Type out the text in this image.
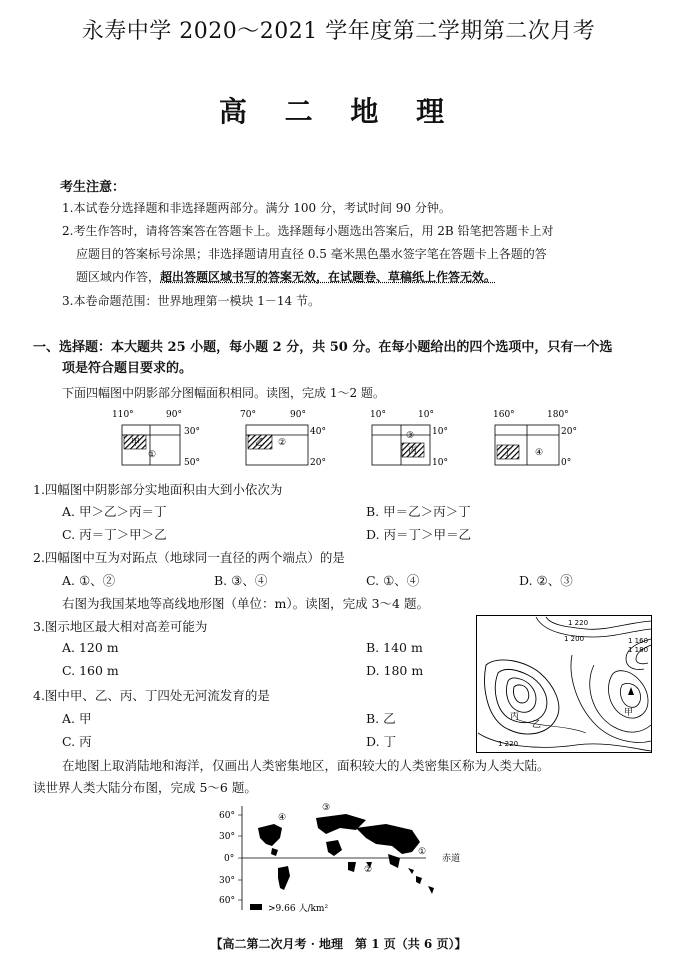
永寿中学 2020～2021 学年度第二学期第二次月考
高 二 地 理
考生注意：
1.本试卷分选择题和非选择题两部分。满分 100 分，考试时间 90 分钟。
2.考生作答时，请将答案答在答题卡上。选择题每小题选出答案后，用 2B 铅笔把答题卡上对
应题目的答案标号涂黑；非选择题请用直径 0.5 毫米黑色墨水签字笔在答题卡上各题的答
题区域内作答，超出答题区域书写的答案无效，在试题卷、草稿纸上作答无效。
3.本卷命题范围：世界地理第一模块 1－14 节。
一、选择题：本大题共 25 小题，每小题 2 分，共 50 分。在每小题给出的四个选项中，只有一个选
项是符合题目要求的。
下面四幅图中阴影部分图幅面积相同。读图，完成 1～2 题。
110°	90°
甲
①
30°
50°
70°	90°
乙 ②
40°
20°
10°	10°
③
丙
10°
10°
160°	180°
丁	④
20°
0°
1.四幅图中阴影部分实地面积由大到小依次为
A. 甲＞乙＞丙＝丁	B. 甲＝乙＞丙＞丁
C. 丙＝丁＞甲＞乙	D. 丙＝丁＞甲＝乙
2.四幅图中互为对跖点（地球同一直径的两个端点）的是
A. ①、②	B. ③、④	C. ①、④	D. ②、③
右图为我国某地等高线地形图（单位：m）。读图，完成 3～4 题。
3.图示地区最大相对高差可能为
A. 120 m	B. 140 m
C. 160 m	D. 180 m
4.图中甲、乙、丙、丁四处无河流发育的是
A. 甲	B. 乙
C. 丙	D. 丁
1 220
1 200	1 160
1 180
1 220
甲
丙
乙
在地图上取消陆地和海洋，仅画出人类密集地区，面积较大的人类密集区称为人类大陆。
读世界人类大陆分布图，完成 5～6 题。
60°
30°
0°
30°
60°
④
③
①
②
赤道
>9.66 人/km²
【高二第二次月考 · 地理　第 1 页（共 6 页）】
